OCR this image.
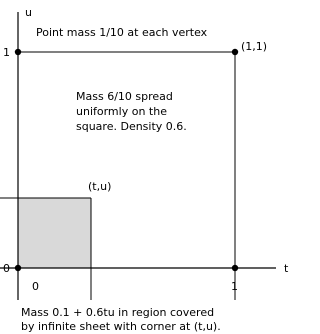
u
t
1
0
0	1
(1,1)
(t,u)
Point mass 1/10 at each vertex
Mass 6/10 spread
uniformly on the
square. Density 0.6.
Mass 0.1 + 0.6tu in region covered
by infinite sheet with corner at (t,u).
